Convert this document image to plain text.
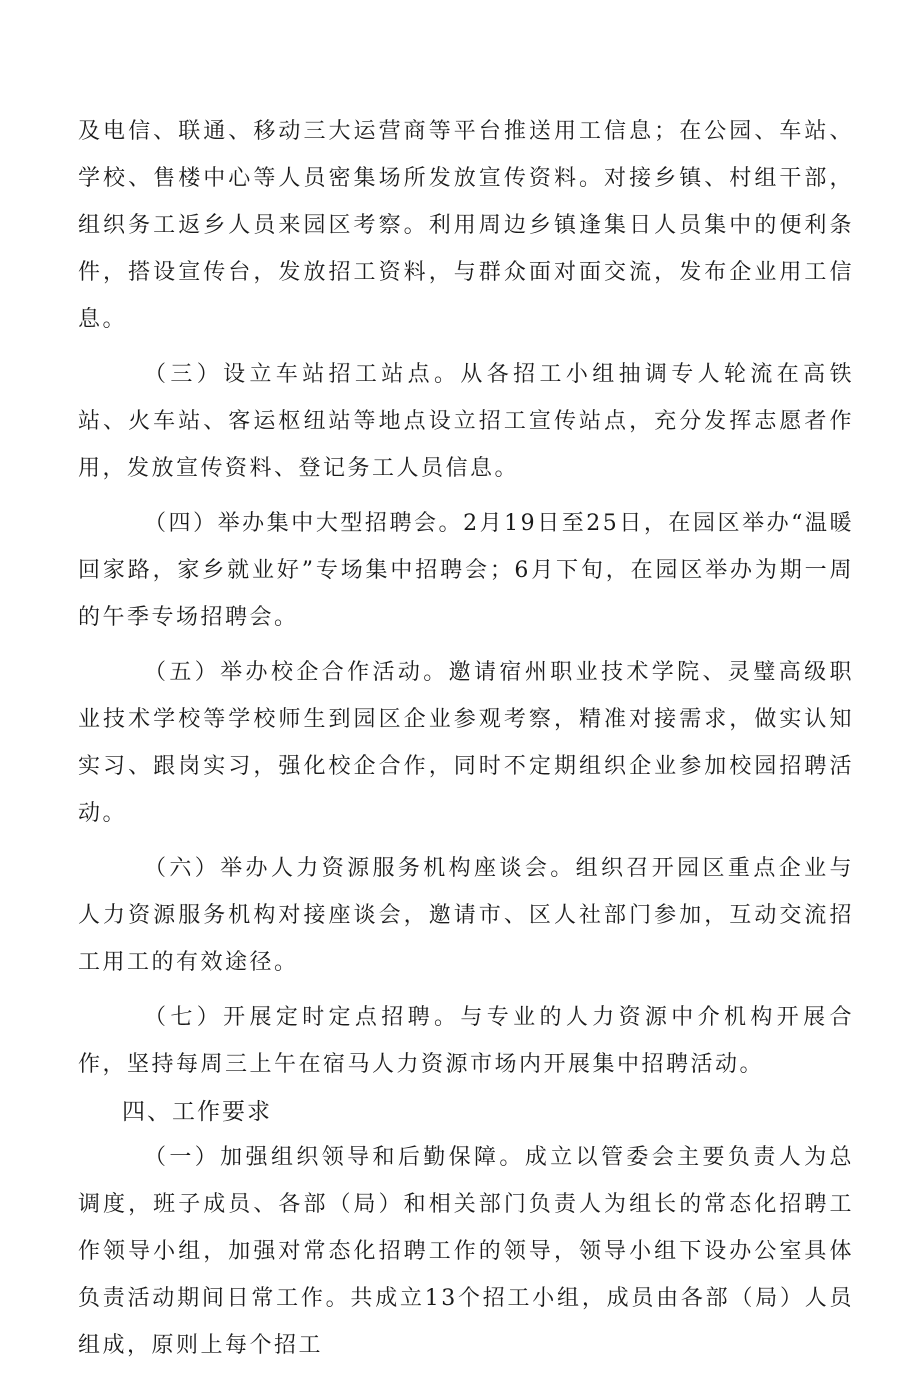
及电信、联通、移动三大运营商等平台推送用工信息；在公园、车站、学校、售楼中心等人员密集场所发放宣传资料。对接乡镇、村组干部，组织务工返乡人员来园区考察。利用周边乡镇逢集日人员集中的便利条件，搭设宣传台，发放招工资料，与群众面对面交流，发布企业用工信息。

（三）设立车站招工站点。从各招工小组抽调专人轮流在高铁站、火车站、客运枢纽站等地点设立招工宣传站点，充分发挥志愿者作用，发放宣传资料、登记务工人员信息。

（四）举办集中大型招聘会。2月19日至25日，在园区举办“温暖回家路，家乡就业好”专场集中招聘会；6月下旬，在园区举办为期一周的午季专场招聘会。

（五）举办校企合作活动。邀请宿州职业技术学院、灵璧高级职业技术学校等学校师生到园区企业参观考察，精准对接需求，做实认知实习、跟岗实习，强化校企合作，同时不定期组织企业参加校园招聘活动。

（六）举办人力资源服务机构座谈会。组织召开园区重点企业与人力资源服务机构对接座谈会，邀请市、区人社部门参加，互动交流招工用工的有效途径。

（七）开展定时定点招聘。与专业的人力资源中介机构开展合作，坚持每周三上午在宿马人力资源市场内开展集中招聘活动。

四、工作要求

（一）加强组织领导和后勤保障。成立以管委会主要负责人为总调度，班子成员、各部（局）和相关部门负责人为组长的常态化招聘工作领导小组，加强对常态化招聘工作的领导，领导小组下设办公室具体负责活动期间日常工作。共成立13个招工小组，成员由各部（局）人员组成，原则上每个招工
